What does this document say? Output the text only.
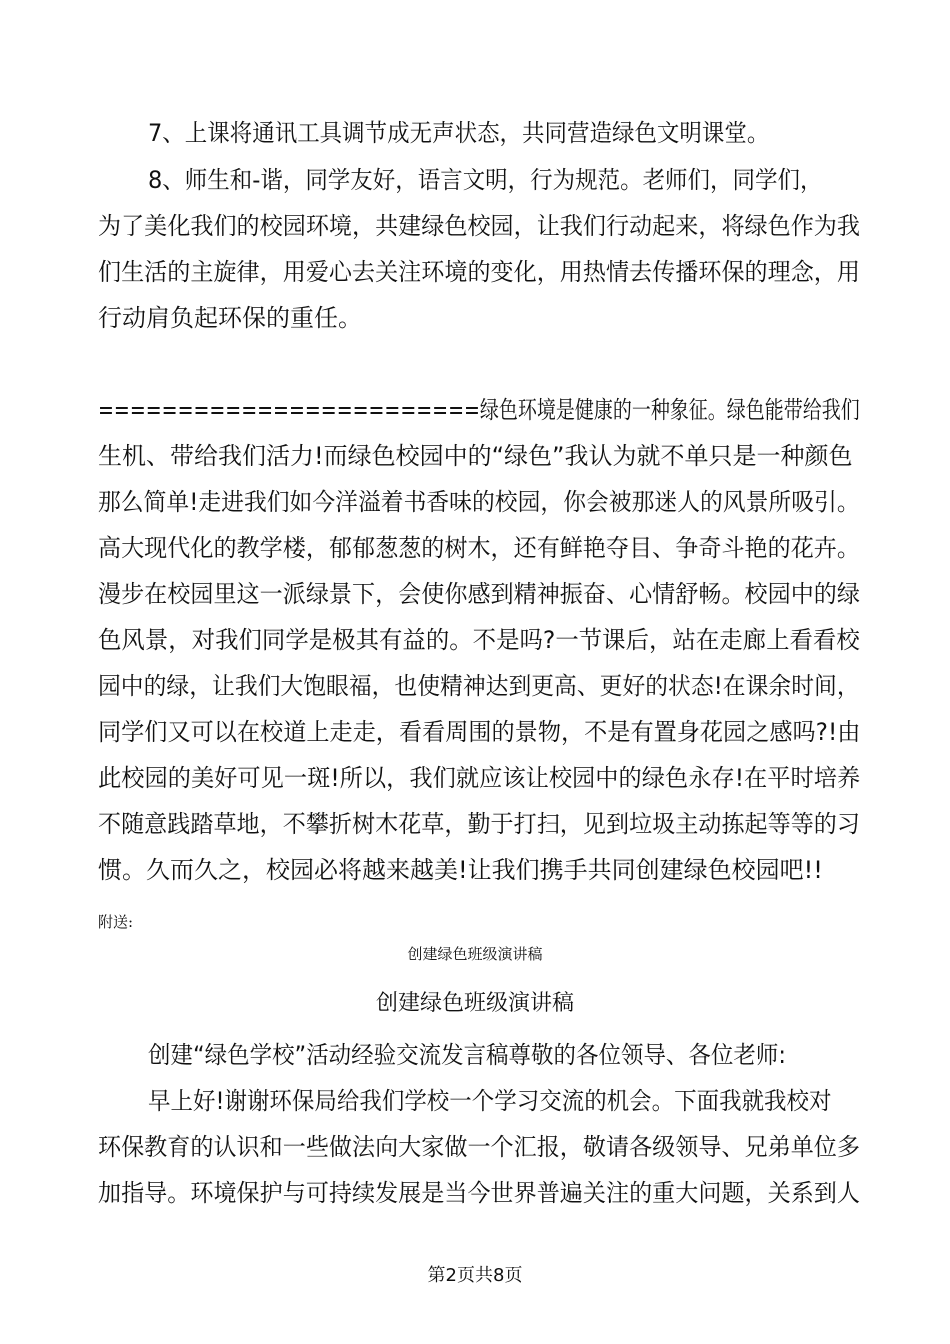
7、上课将通讯工具调节成无声状态，共同营造绿色文明课堂。
8、师生和-谐，同学友好，语言文明，行为规范。老师们，同学们，
为了美化我们的校园环境，共建绿色校园，让我们行动起来，将绿色作为我
们生活的主旋律，用爱心去关注环境的变化，用热情去传播环保的理念，用
行动肩负起环保的重任。
========================绿色环境是健康的一种象征。绿色能带给我们
生机、带给我们活力!而绿色校园中的“绿色”我认为就不单只是一种颜色
那么简单!走进我们如今洋溢着书香味的校园，你会被那迷人的风景所吸引。
高大现代化的教学楼，郁郁葱葱的树木，还有鲜艳夺目、争奇斗艳的花卉。
漫步在校园里这一派绿景下，会使你感到精神振奋、心情舒畅。校园中的绿
色风景，对我们同学是极其有益的。不是吗?一节课后，站在走廊上看看校
园中的绿，让我们大饱眼福，也使精神达到更高、更好的状态!在课余时间，
同学们又可以在校道上走走，看看周围的景物，不是有置身花园之感吗?!由
此校园的美好可见一斑!所以，我们就应该让校园中的绿色永存!在平时培养
不随意践踏草地，不攀折树木花草，勤于打扫，见到垃圾主动拣起等等的习
惯。久而久之，校园必将越来越美!让我们携手共同创建绿色校园吧!!
附送:
创建绿色班级演讲稿
创建绿色班级演讲稿
创建“绿色学校”活动经验交流发言稿尊敬的各位领导、各位老师:
早上好!谢谢环保局给我们学校一个学习交流的机会。下面我就我校对
环保教育的认识和一些做法向大家做一个汇报，敬请各级领导、兄弟单位多
加指导。环境保护与可持续发展是当今世界普遍关注的重大问题，关系到人
第2页共8页
